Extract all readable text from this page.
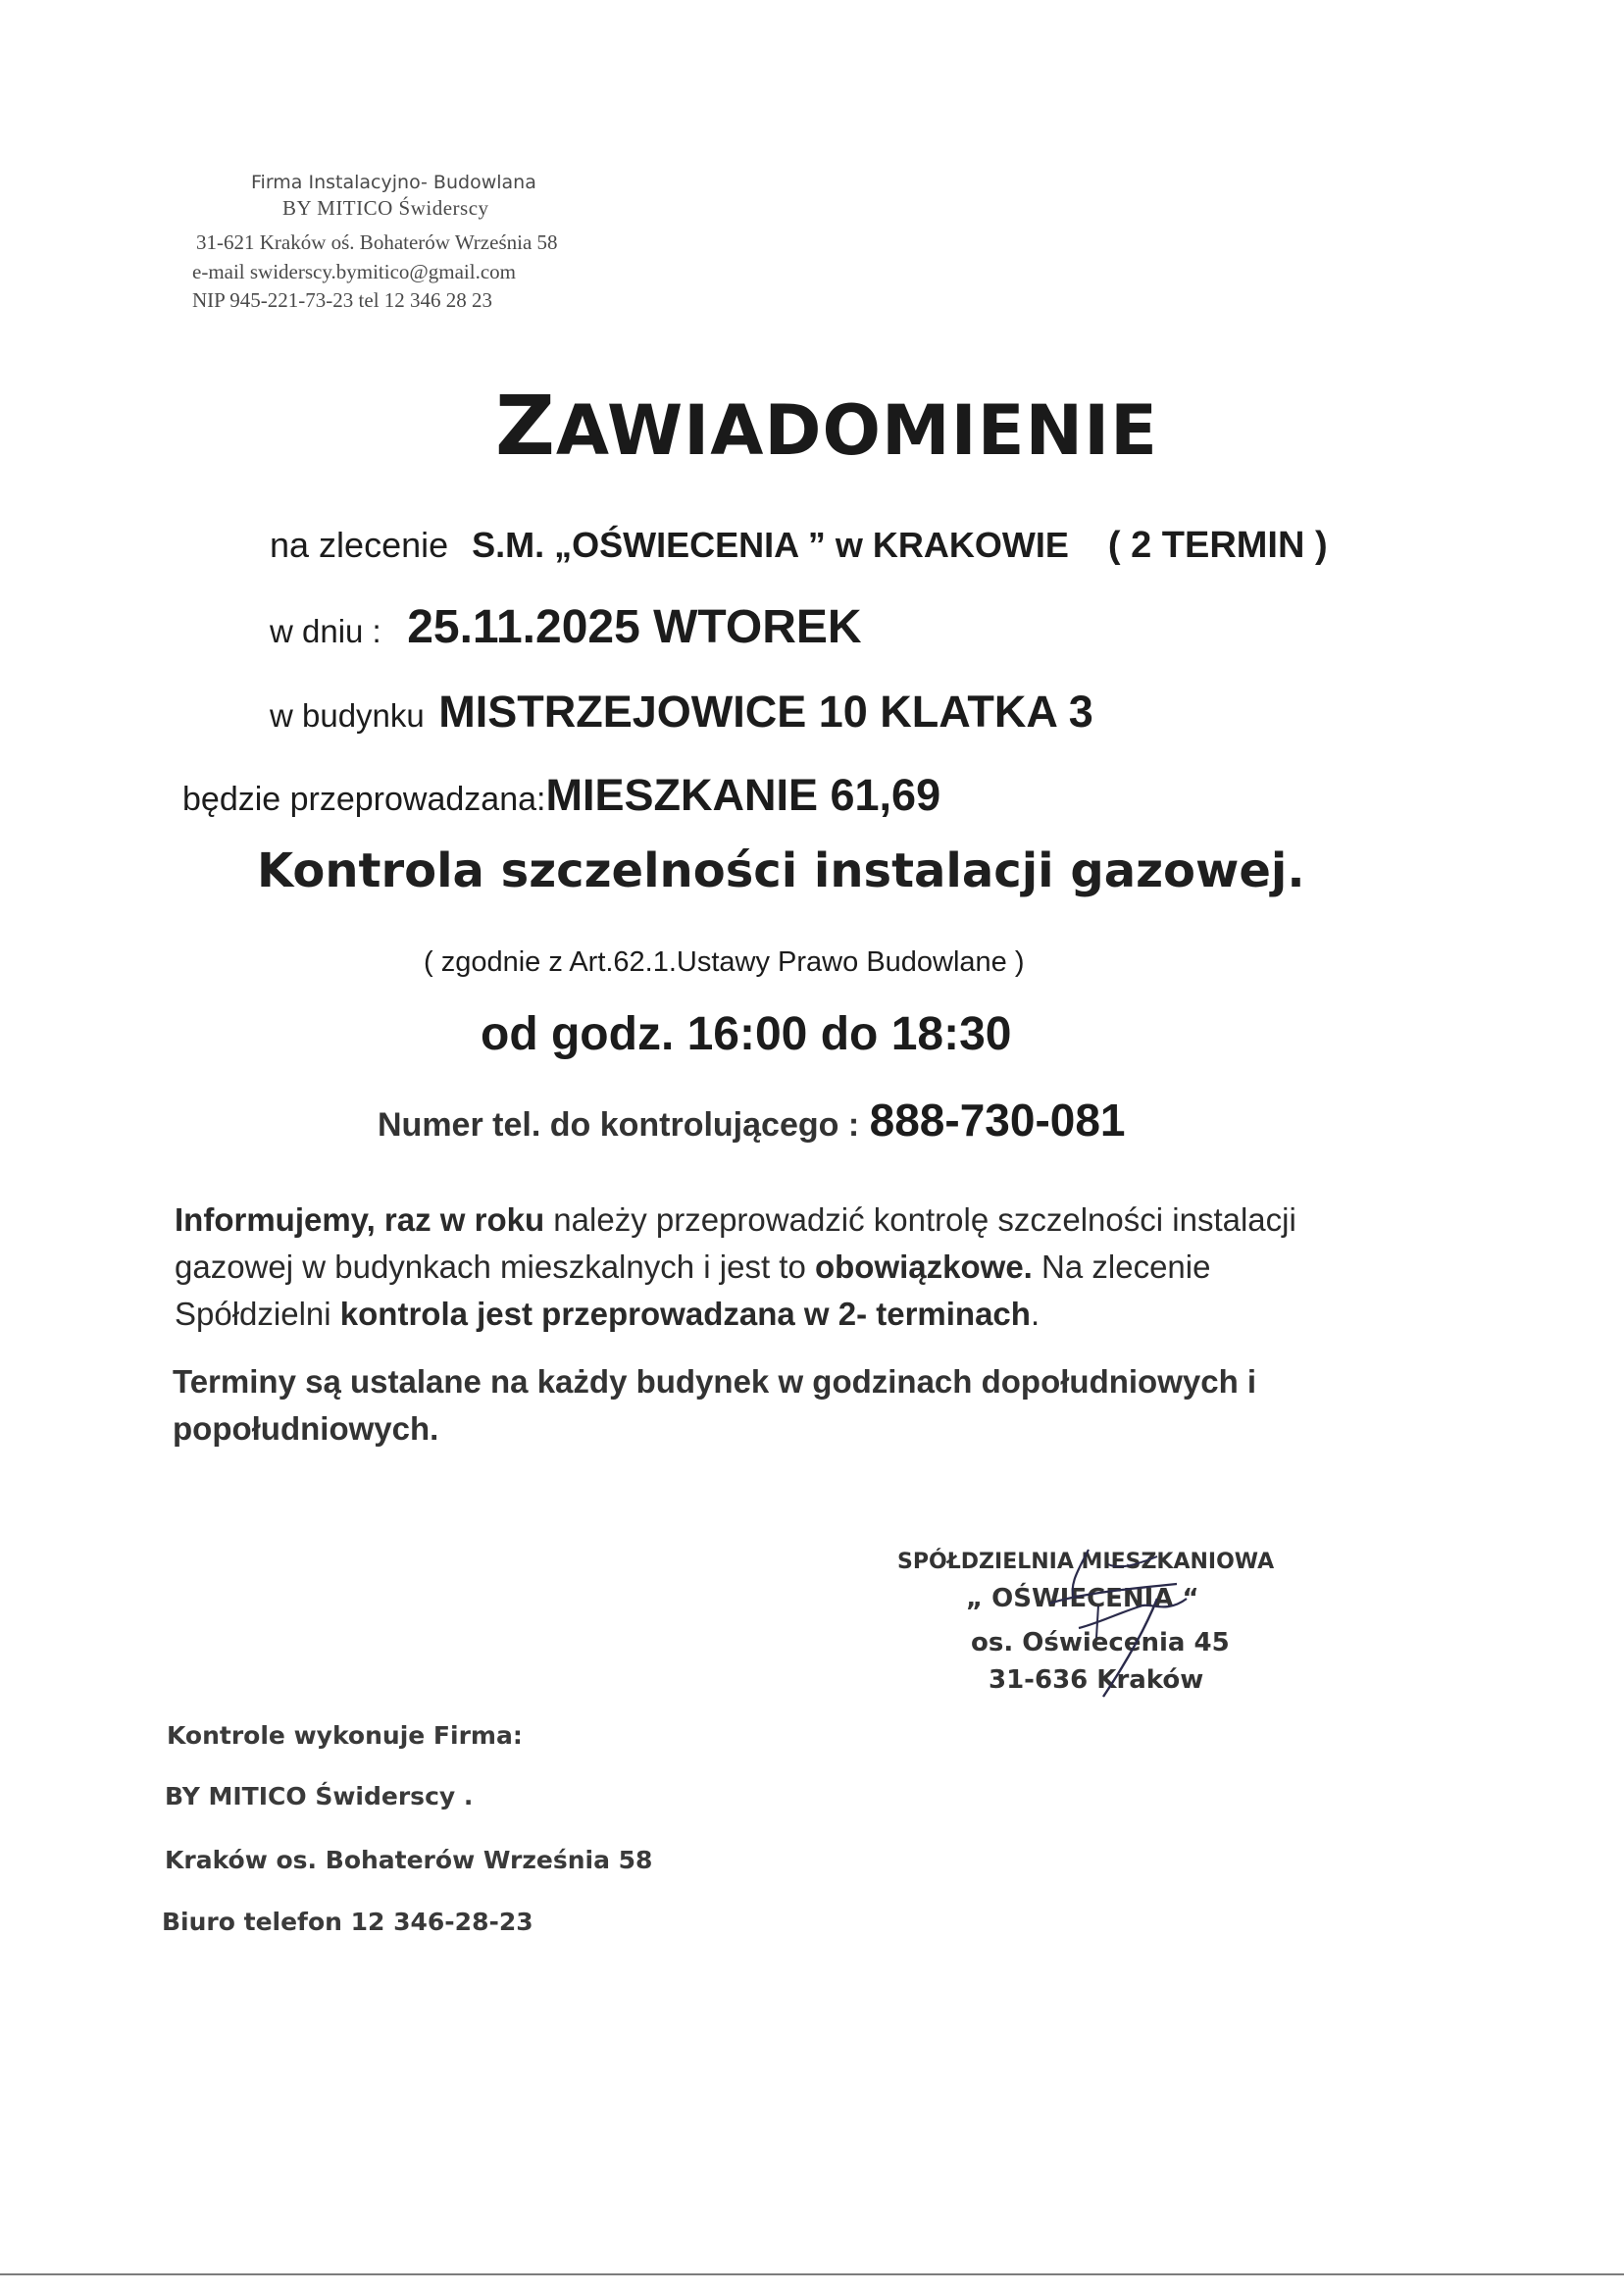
Firma Instalacyjno- Budowlana
BY MITICO Świderscy
31-621 Kraków oś. Bohaterów Września 58
e-mail swiderscy.bymitico@gmail.com
NIP 945-221-73-23 tel 12 346 28 23
ZAWIADOMIENIE
na zlecenie S.M. „OŚWIECENIA ” w KRAKOWIE ( 2 TERMIN )
w dniu : 25.11.2025 WTOREK
w budynku MISTRZEJOWICE 10 KLATKA 3
będzie przeprowadzana:MIESZKANIE 61,69
Kontrola szczelności instalacji gazowej.
( zgodnie z Art.62.1.Ustawy Prawo Budowlane )
od godz. 16:00 do 18:30
Numer tel. do kontrolującego : 888-730-081
Informujemy, raz w roku należy przeprowadzić kontrolę szczelności instalacji
gazowej w budynkach mieszkalnych i jest to obowiązkowe. Na zlecenie
Spółdzielni kontrola jest przeprowadzana w 2- terminach.
Terminy są ustalane na każdy budynek w godzinach dopołudniowych i
popołudniowych.
SPÓŁDZIELNIA MIESZKANIOWA
„ OŚWIECENIA “
os. Oświecenia 45
31-636 Kraków
Kontrole wykonuje Firma:
BY MITICO Świderscy .
Kraków os. Bohaterów Września 58
Biuro telefon 12 346-28-23
